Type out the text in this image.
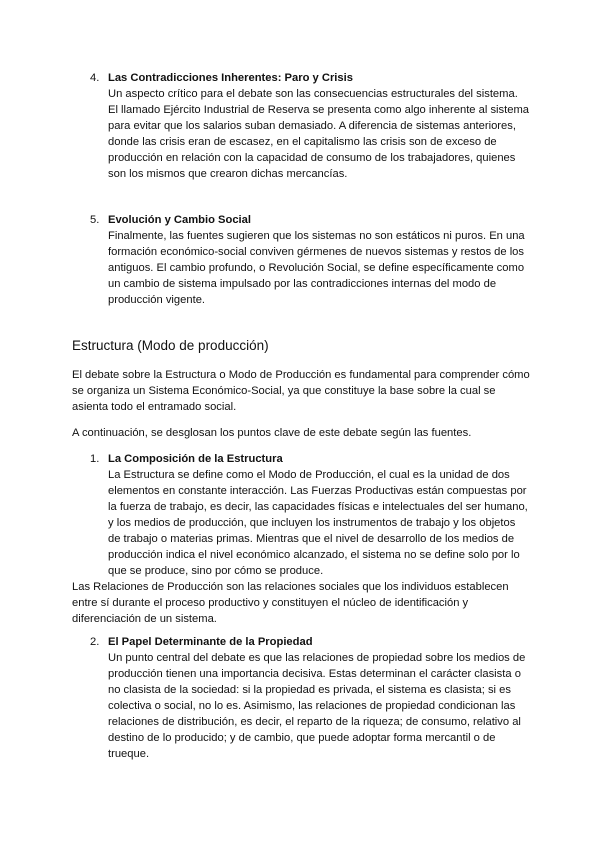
4. Las Contradicciones Inherentes: Paro y Crisis
Un aspecto crítico para el debate son las consecuencias estructurales del sistema. El llamado Ejército Industrial de Reserva se presenta como algo inherente al sistema para evitar que los salarios suban demasiado. A diferencia de sistemas anteriores, donde las crisis eran de escasez, en el capitalismo las crisis son de exceso de producción en relación con la capacidad de consumo de los trabajadores, quienes son los mismos que crearon dichas mercancías.
5. Evolución y Cambio Social
Finalmente, las fuentes sugieren que los sistemas no son estáticos ni puros. En una formación económico-social conviven gérmenes de nuevos sistemas y restos de los antiguos. El cambio profundo, o Revolución Social, se define específicamente como un cambio de sistema impulsado por las contradicciones internas del modo de producción vigente.
Estructura (Modo de producción)
El debate sobre la Estructura o Modo de Producción es fundamental para comprender cómo se organiza un Sistema Económico-Social, ya que constituye la base sobre la cual se asienta todo el entramado social.
A continuación, se desglosan los puntos clave de este debate según las fuentes.
1. La Composición de la Estructura
La Estructura se define como el Modo de Producción, el cual es la unidad de dos elementos en constante interacción. Las Fuerzas Productivas están compuestas por la fuerza de trabajo, es decir, las capacidades físicas e intelectuales del ser humano, y los medios de producción, que incluyen los instrumentos de trabajo y los objetos de trabajo o materias primas. Mientras que el nivel de desarrollo de los medios de producción indica el nivel económico alcanzado, el sistema no se define solo por lo que se produce, sino por cómo se produce.
Las Relaciones de Producción son las relaciones sociales que los individuos establecen entre sí durante el proceso productivo y constituyen el núcleo de identificación y diferenciación de un sistema.
2. El Papel Determinante de la Propiedad
Un punto central del debate es que las relaciones de propiedad sobre los medios de producción tienen una importancia decisiva. Estas determinan el carácter clasista o no clasista de la sociedad: si la propiedad es privada, el sistema es clasista; si es colectiva o social, no lo es. Asimismo, las relaciones de propiedad condicionan las relaciones de distribución, es decir, el reparto de la riqueza; de consumo, relativo al destino de lo producido; y de cambio, que puede adoptar forma mercantil o de trueque.
